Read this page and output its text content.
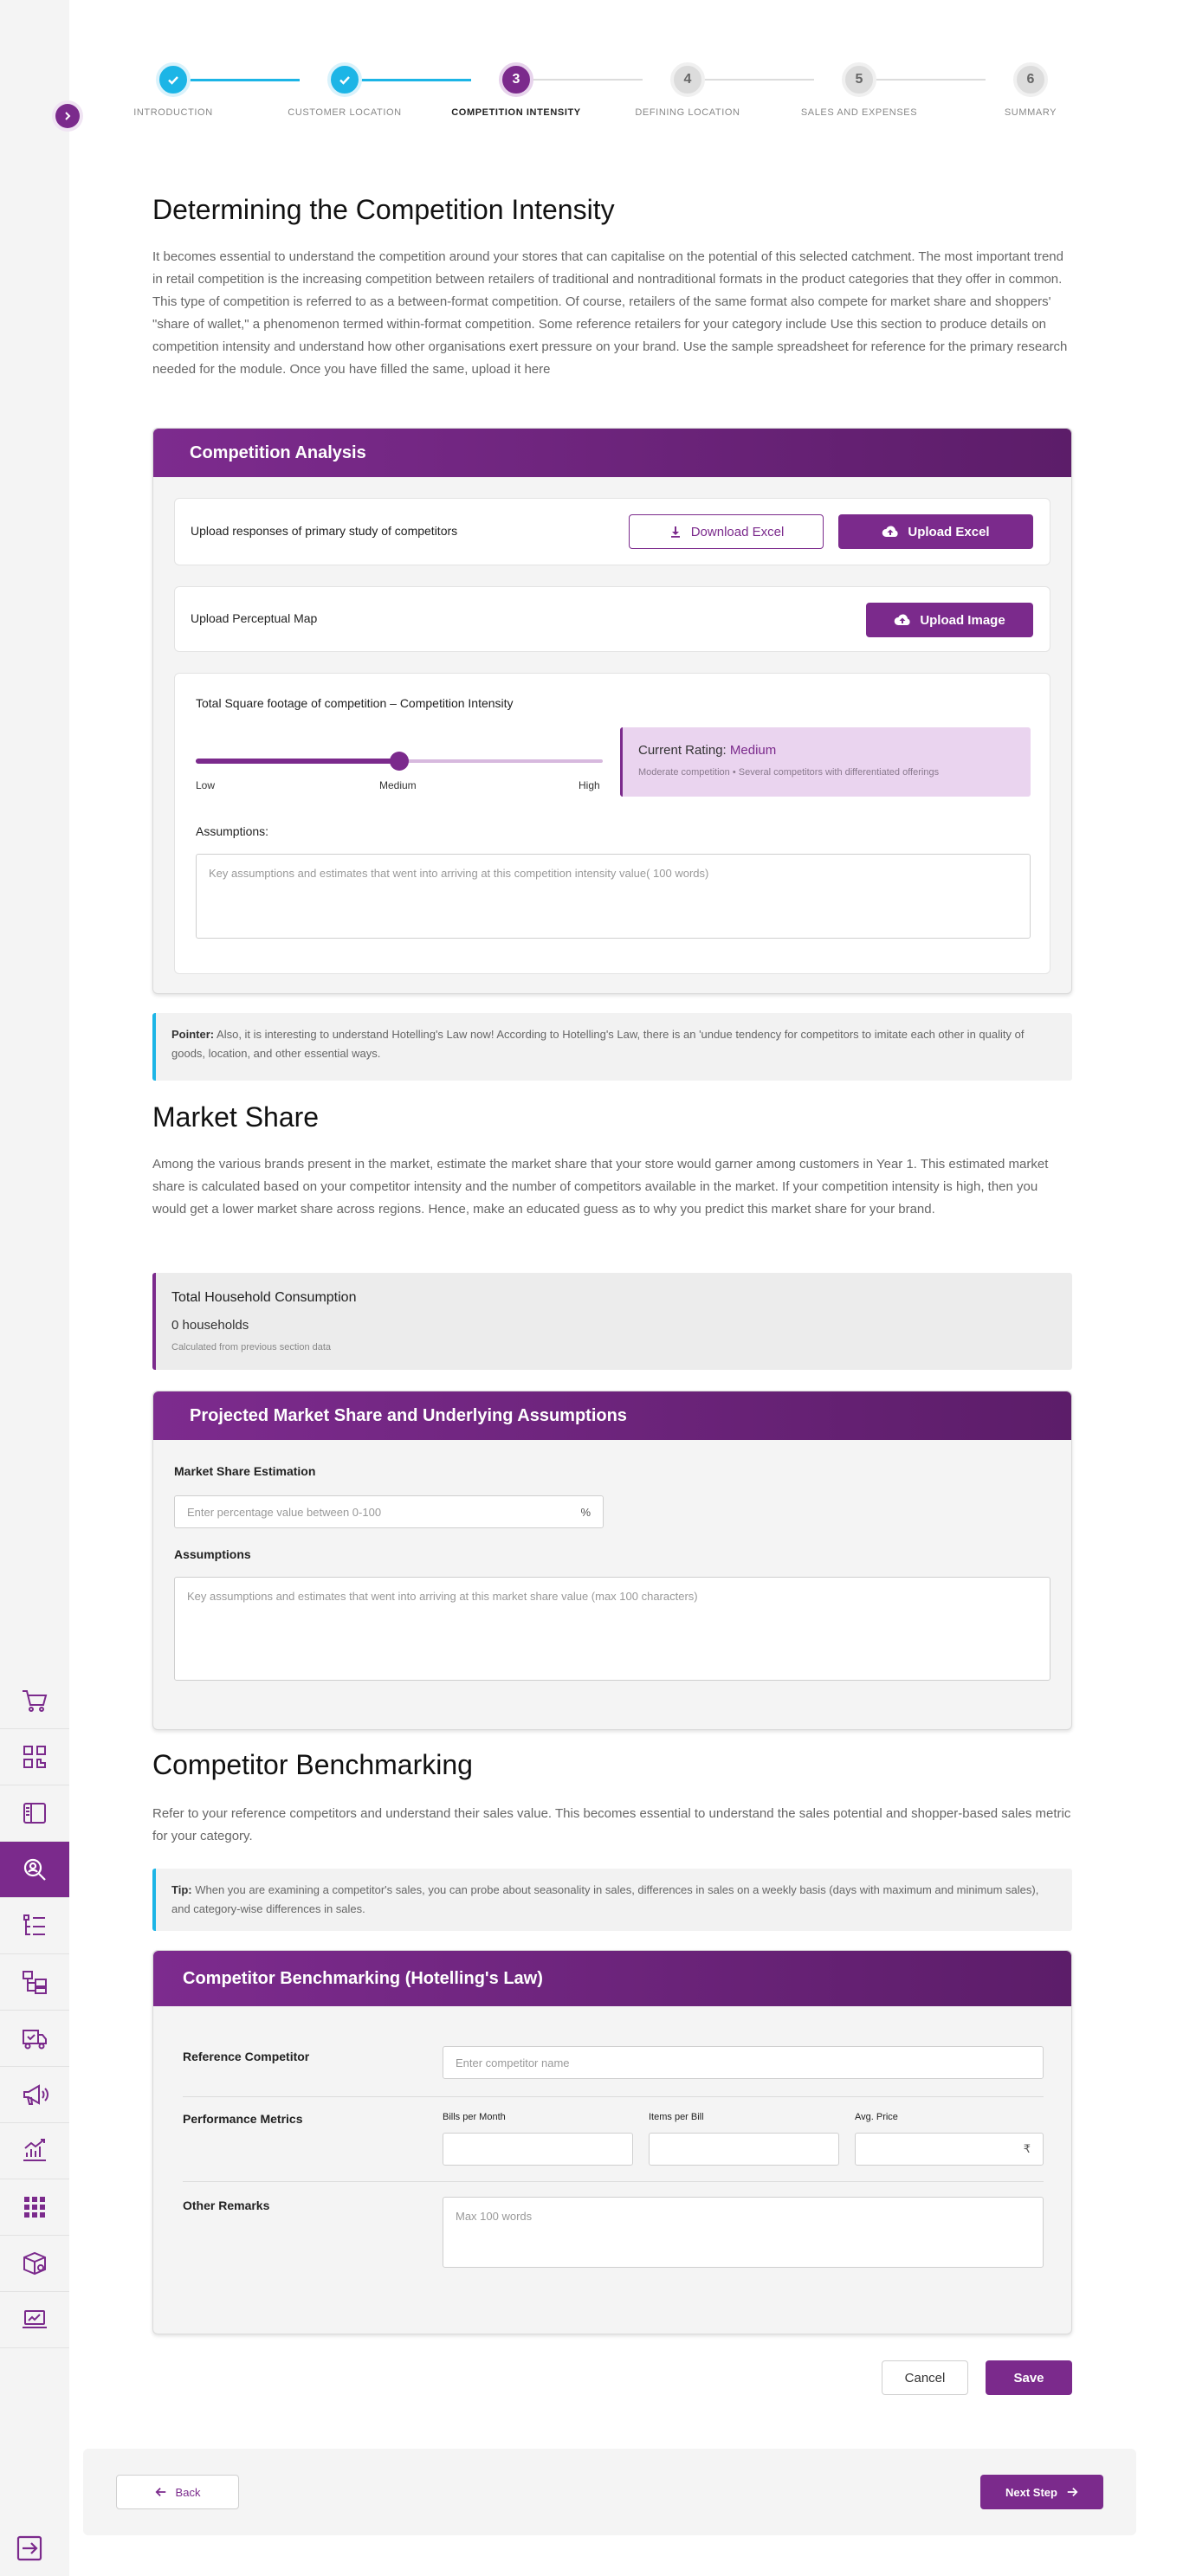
INTRODUCTION	CUSTOMER LOCATION
3
COMPETITION INTENSITY
4
DEFINING LOCATION
5
SALES AND EXPENSES
6
SUMMARY
Determining the Competition Intensity

It becomes essential to understand the competition around your stores that can capitalise on the potential of this selected catchment. The most important trend in retail competition is the increasing competition between retailers of traditional and nontraditional formats in the product categories that they offer in common. This type of competition is referred to as a between-format competition. Of course, retailers of the same format also compete for market share and shoppers' "share of wallet," a phenomenon termed within-format competition. Some reference retailers for your category include Use this section to produce details on competition intensity and understand how other organisations exert pressure on your brand. Use the sample spreadsheet for reference for the primary research needed for the module. Once you have filled the same, upload it here

Competition Analysis
Upload responses of primary study of competitors	Download Excel	Upload Excel
Upload Perceptual Map	Upload Image
Total Square footage of competition – Competition Intensity
Low	Medium	High
Current Rating: Medium
Moderate competition • Several competitors with differentiated offerings
Assumptions:
Key assumptions and estimates that went into arriving at this competition intensity value( 100 words)
Pointer: Also, it is interesting to understand Hotelling's Law now! According to Hotelling's Law, there is an 'undue tendency for competitors to imitate each other in quality of goods, location, and other essential ways.
Market Share

Among the various brands present in the market, estimate the market share that your store would garner among customers in Year 1. This estimated market share is calculated based on your competitor intensity and the number of competitors available in the market. If your competition intensity is high, then you would get a lower market share across regions. Hence, make an educated guess as to why you predict this market share for your brand.

Total Household Consumption
0 households
Calculated from previous section data
Projected Market Share and Underlying Assumptions
Market Share Estimation
Enter percentage value between 0-100	%
Assumptions
Key assumptions and estimates that went into arriving at this market share value (max 100 characters)
Competitor Benchmarking

Refer to your reference competitors and understand their sales value. This becomes essential to understand the sales potential and shopper-based sales metric for your category.

Tip: When you are examining a competitor's sales, you can probe about seasonality in sales, differences in sales on a weekly basis (days with maximum and minimum sales), and category-wise differences in sales.
Competitor Benchmarking (Hotelling's Law)
Reference Competitor	Enter competitor name
Performance Metrics	Bills per Month	Items per Bill	Avg. Price
₹
Other Remarks
Max 100 words
Cancel	Save
Back	Next Step
